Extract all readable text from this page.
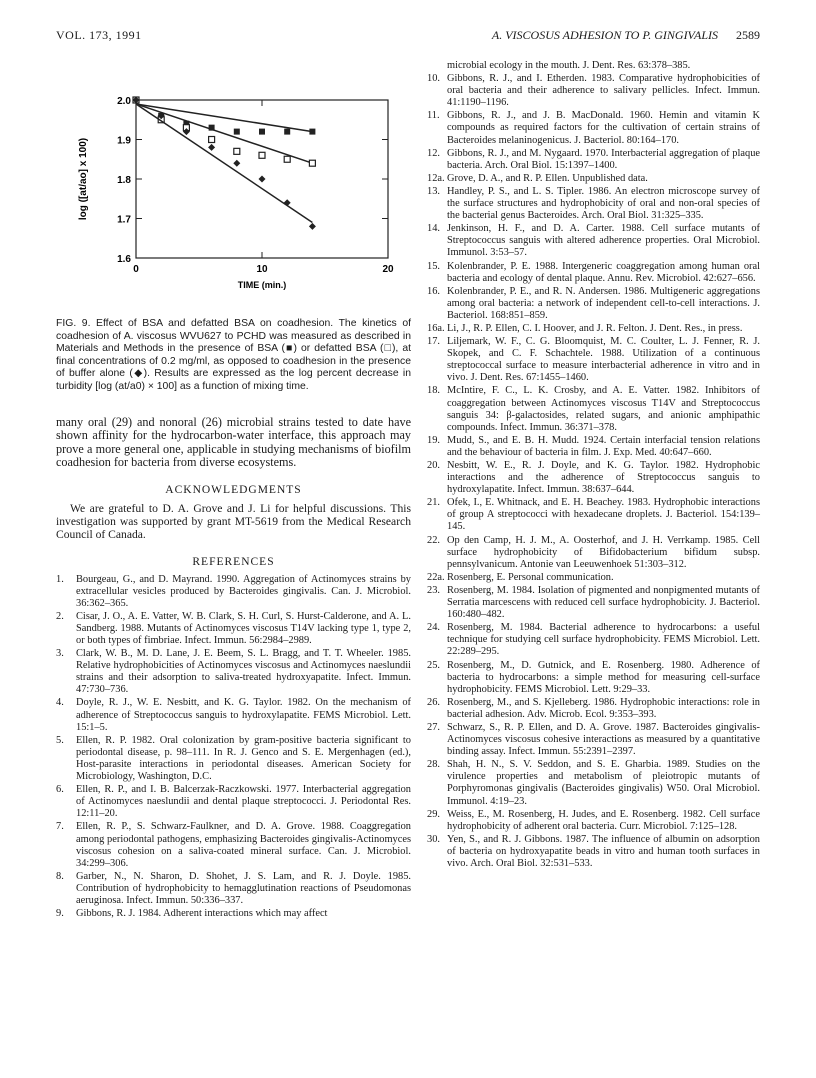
VOL. 173, 1991	A. VISCOSUS ADHESION TO P. GINGIVALIS 2589
1.6
1.7
1.8
1.9
2.0
0	10	20
TIME (min.)
log ([at/ao] x 100)
FIG. 9. Effect of BSA and defatted BSA on coadhesion. The kinetics of coadhesion of A. viscosus WVU627 to PCHD was measured as described in Materials and Methods in the presence of BSA (■) or defatted BSA (□), at final concentrations of 0.2 mg/ml, as opposed to coadhesion in the presence of buffer alone (◆). Results are expressed as the log percent decrease in turbidity [log (at/a0) × 100] as a function of mixing time.
many oral (29) and nonoral (26) microbial strains tested to date have shown affinity for the hydrocarbon-water interface, this approach may prove a more general one, applicable in studying mechanisms of biofilm coadhesion for bacteria from diverse ecosystems.
ACKNOWLEDGMENTS
We are grateful to D. A. Grove and J. Li for helpful discussions. This investigation was supported by grant MT-5619 from the Medical Research Council of Canada.
REFERENCES
1. Bourgeau, G., and D. Mayrand. 1990. Aggregation of Actinomyces strains by extracellular vesicles produced by Bacteroides gingivalis. Can. J. Microbiol. 36:362–365.
2. Cisar, J. O., A. E. Vatter, W. B. Clark, S. H. Curl, S. Hurst-Calderone, and A. L. Sandberg. 1988. Mutants of Actinomyces viscosus T14V lacking type 1, type 2, or both types of fimbriae. Infect. Immun. 56:2984–2989.
3. Clark, W. B., M. D. Lane, J. E. Beem, S. L. Bragg, and T. T. Wheeler. 1985. Relative hydrophobicities of Actinomyces viscosus and Actinomyces naeslundii strains and their adsorption to saliva-treated hydroxyapatite. Infect. Immun. 47:730–736.
4. Doyle, R. J., W. E. Nesbitt, and K. G. Taylor. 1982. On the mechanism of adherence of Streptococcus sanguis to hydroxylapatite. FEMS Microbiol. Lett. 15:1–5.
5. Ellen, R. P. 1982. Oral colonization by gram-positive bacteria significant to periodontal disease, p. 98–111. In R. J. Genco and S. E. Mergenhagen (ed.), Host-parasite interactions in periodontal diseases. American Society for Microbiology, Washington, D.C.
6. Ellen, R. P., and I. B. Balcerzak-Raczkowski. 1977. Interbacterial aggregation of Actinomyces naeslundii and dental plaque streptococci. J. Periodontal Res. 12:11–20.
7. Ellen, R. P., S. Schwarz-Faulkner, and D. A. Grove. 1988. Coaggregation among periodontal pathogens, emphasizing Bacteroides gingivalis-Actinomyces viscosus cohesion on a saliva-coated mineral surface. Can. J. Microbiol. 34:299–306.
8. Garber, N., N. Sharon, D. Shohet, J. S. Lam, and R. J. Doyle. 1985. Contribution of hydrophobicity to hemagglutination reactions of Pseudomonas aeruginosa. Infect. Immun. 50:336–337.
9. Gibbons, R. J. 1984. Adherent interactions which may affect
microbial ecology in the mouth. J. Dent. Res. 63:378–385.
10. Gibbons, R. J., and I. Etherden. 1983. Comparative hydrophobicities of oral bacteria and their adherence to salivary pellicles. Infect. Immun. 41:1190–1196.
11. Gibbons, R. J., and J. B. MacDonald. 1960. Hemin and vitamin K compounds as required factors for the cultivation of certain strains of Bacteroides melaninogenicus. J. Bacteriol. 80:164–170.
12. Gibbons, R. J., and M. Nygaard. 1970. Interbacterial aggregation of plaque bacteria. Arch. Oral Biol. 15:1397–1400.
12a. Grove, D. A., and R. P. Ellen. Unpublished data.
13. Handley, P. S., and L. S. Tipler. 1986. An electron microscope survey of the surface structures and hydrophobicity of oral and non-oral species of the bacterial genus Bacteroides. Arch. Oral Biol. 31:325–335.
14. Jenkinson, H. F., and D. A. Carter. 1988. Cell surface mutants of Streptococcus sanguis with altered adherence properties. Oral Microbiol. Immunol. 3:53–57.
15. Kolenbrander, P. E. 1988. Intergeneric coaggregation among human oral bacteria and ecology of dental plaque. Annu. Rev. Microbiol. 42:627–656.
16. Kolenbrander, P. E., and R. N. Andersen. 1986. Multigeneric aggregations among oral bacteria: a network of independent cell-to-cell interactions. J. Bacteriol. 168:851–859.
16a. Li, J., R. P. Ellen, C. I. Hoover, and J. R. Felton. J. Dent. Res., in press.
17. Liljemark, W. F., C. G. Bloomquist, M. C. Coulter, L. J. Fenner, R. J. Skopek, and C. F. Schachtele. 1988. Utilization of a continuous streptococcal surface to measure interbacterial adherence in vitro and in vivo. J. Dent. Res. 67:1455–1460.
18. McIntire, F. C., L. K. Crosby, and A. E. Vatter. 1982. Inhibitors of coaggregation between Actinomyces viscosus T14V and Streptococcus sanguis 34: β-galactosides, related sugars, and anionic amphipathic compounds. Infect. Immun. 36:371–378.
19. Mudd, S., and E. B. H. Mudd. 1924. Certain interfacial tension relations and the behaviour of bacteria in film. J. Exp. Med. 40:647–660.
20. Nesbitt, W. E., R. J. Doyle, and K. G. Taylor. 1982. Hydrophobic interactions and the adherence of Streptococcus sanguis to hydroxylapatite. Infect. Immun. 38:637–644.
21. Ofek, I., E. Whitnack, and E. H. Beachey. 1983. Hydrophobic interactions of group A streptococci with hexadecane droplets. J. Bacteriol. 154:139–145.
22. Op den Camp, H. J. M., A. Oosterhof, and J. H. Verrkamp. 1985. Cell surface hydrophobicity of Bifidobacterium bifidum subsp. pennsylvanicum. Antonie van Leeuwenhoek 51:303–312.
22a. Rosenberg, E. Personal communication.
23. Rosenberg, M. 1984. Isolation of pigmented and nonpigmented mutants of Serratia marcescens with reduced cell surface hydrophobicity. J. Bacteriol. 160:480–482.
24. Rosenberg, M. 1984. Bacterial adherence to hydrocarbons: a useful technique for studying cell surface hydrophobicity. FEMS Microbiol. Lett. 22:289–295.
25. Rosenberg, M., D. Gutnick, and E. Rosenberg. 1980. Adherence of bacteria to hydrocarbons: a simple method for measuring cell-surface hydrophobicity. FEMS Microbiol. Lett. 9:29–33.
26. Rosenberg, M., and S. Kjelleberg. 1986. Hydrophobic interactions: role in bacterial adhesion. Adv. Microb. Ecol. 9:353–393.
27. Schwarz, S., R. P. Ellen, and D. A. Grove. 1987. Bacteroides gingivalis-Actinomyces viscosus cohesive interactions as measured by a quantitative binding assay. Infect. Immun. 55:2391–2397.
28. Shah, H. N., S. V. Seddon, and S. E. Gharbia. 1989. Studies on the virulence properties and metabolism of pleiotropic mutants of Porphyromonas gingivalis (Bacteroides gingivalis) W50. Oral Microbiol. Immunol. 4:19–23.
29. Weiss, E., M. Rosenberg, H. Judes, and E. Rosenberg. 1982. Cell surface hydrophobicity of adherent oral bacteria. Curr. Microbiol. 7:125–128.
30. Yen, S., and R. J. Gibbons. 1987. The influence of albumin on adsorption of bacteria on hydroxyapatite beads in vitro and human tooth surfaces in vivo. Arch. Oral Biol. 32:531–533.
